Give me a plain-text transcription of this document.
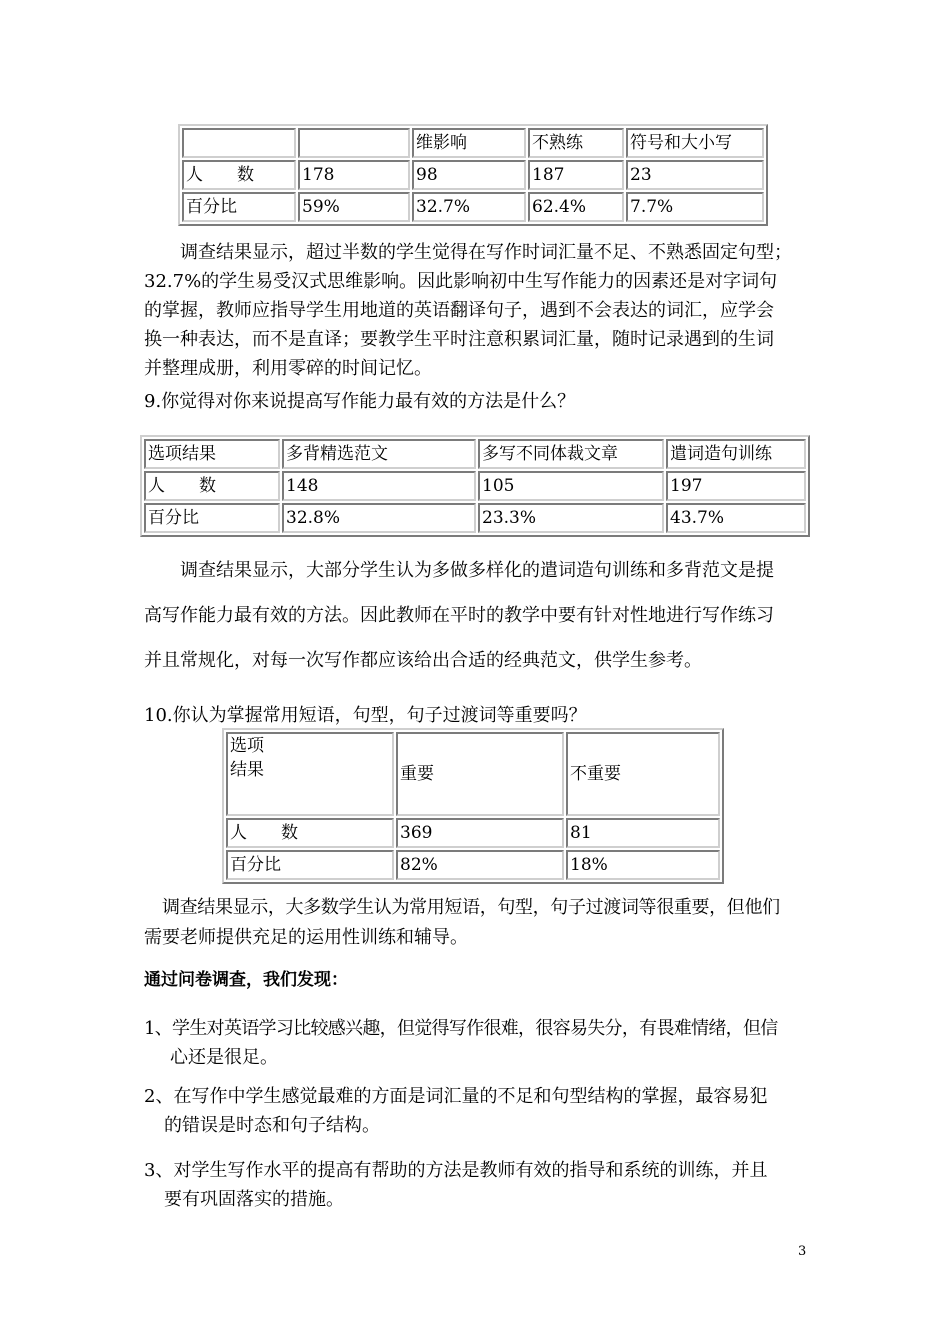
		维影响	不熟练	符号和大小写
人　　数	178	98	187	23
百分比	59%	32.7%	62.4%	7.7%
调查结果显示，超过半数的学生觉得在写作时词汇量不足、不熟悉固定句型；
32.7%的学生易受汉式思维影响。因此影响初中生写作能力的因素还是对字词句
的掌握，教师应指导学生用地道的英语翻译句子，遇到不会表达的词汇，应学会
换一种表达，而不是直译；要教学生平时注意积累词汇量，随时记录遇到的生词
并整理成册，利用零碎的时间记忆。
9.你觉得对你来说提高写作能力最有效的方法是什么？
选项结果	多背精选范文	多写不同体裁文章	遣词造句训练
人　　数	148	105	197
百分比	32.8%	23.3%	43.7%
调查结果显示，大部分学生认为多做多样化的遣词造句训练和多背范文是提
高写作能力最有效的方法。因此教师在平时的教学中要有针对性地进行写作练习
并且常规化，对每一次写作都应该给出合适的经典范文，供学生参考。
10.你认为掌握常用短语，句型，句子过渡词等重要吗？
选项
结果	重要	不重要
人　　数	369	81
百分比	82%	18%
调查结果显示，大多数学生认为常用短语，句型，句子过渡词等很重要，但他们
需要老师提供充足的运用性训练和辅导。
通过问卷调查，我们发现：
1、学生对英语学习比较感兴趣，但觉得写作很难，很容易失分，有畏难情绪，但信
心还是很足。
2、在写作中学生感觉最难的方面是词汇量的不足和句型结构的掌握，最容易犯
的错误是时态和句子结构。
3、对学生写作水平的提高有帮助的方法是教师有效的指导和系统的训练，并且
要有巩固落实的措施。
3
